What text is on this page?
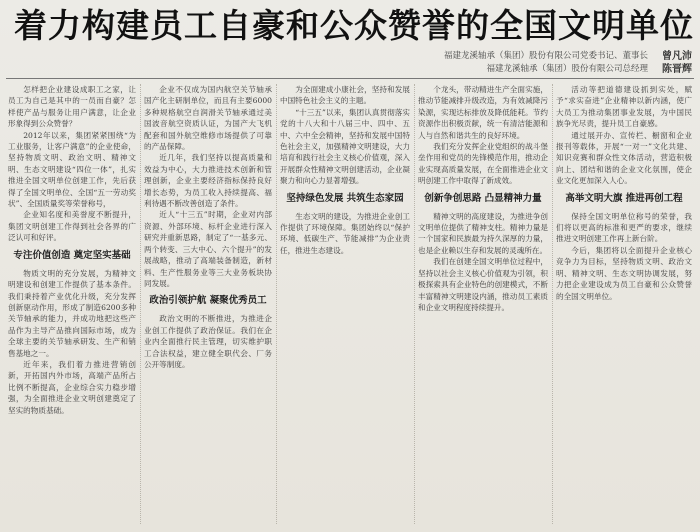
着力构建员工自豪和公众赞誉的全国文明单位
福建龙溪轴承（集团）股份有限公司党委书记、董事长 曾凡沛
福建龙溪轴承（集团）股份有限公司总经理 陈晋辉

怎样把企业建设成职工之家，让员工为自己是其中的一员而自豪？怎样使产品与服务让用户满意，让企业形象得到公众赞誉？

2012年以来，集团紧紧围绕“为工业服务，让客户满意”的企业使命，坚持物质文明、政治文明、精神文明、生态文明建设“四位一体”，扎实推进全国文明单位创建工作，先后获得了全国文明单位、全国“五一劳动奖状”、全国质量奖等荣誉称号，

企业知名度和美誉度不断提升，集团文明创建工作得到社会各界的广泛认可和好评。

专注价值创造 奠定坚实基础

物质文明的充分发展，为精神文明建设和创建工作提供了基本条件。我们秉持着产业优化升级，充分发挥创新驱动作用，形成了制造6200多种关节轴承的能力，并成功地把这些产品作为主导产品推向国际市场，成为全球主要的关节轴承研发、生产和销售基地之一。

近年来，我们着力推进营销创新，开拓国内外市场，高端产品所占比例不断提高，企业综合实力稳步增强，为全面推进企业文明创建奠定了坚实的物质基础。

企业不仅成为国内航空关节轴承国产化主研制单位，而且有主要6000多种规格航空自润滑关节轴承通过美国波音航空资质认证，为国产大飞机配套和国外航空维修市场提供了可靠的产品保障。

近几年，我们坚持以提高质量和效益为中心，大力推进技术创新和管理创新，企业主要经济指标保持良好增长态势，为员工收入持续提高、福利待遇不断改善创造了条件。

近人“十三五”时期，企业对内部资源、外部环境、标杆企业进行深入研究并重新思路，制定了“一基多元、两个转变、三大中心、六个提升”的发展战略，推动了高端装备制造，新材料、生产性服务业等三大业务板块协同发展。

政治引领护航 凝聚优秀员工

政治文明的不断推进，为推进企业创工作提供了政治保证。我们在企业内全面推行民主管理，切实维护职工合法权益，建立健全职代会、厂务公开等制度。

为全面建成小康社会，坚持和发展中国特色社会主义的主题。

“十三五”以来，集团认真贯彻落实党的十八大和十八届三中、四中、五中、六中全会精神，坚持和发展中国特色社会主义，加强精神文明建设，大力培育和践行社会主义核心价值观，深入开展群众性精神文明创建活动，企业凝聚力和向心力显著增强。

坚持绿色发展 共筑生态家园

生态文明的建设，为推进企业创工作提供了环境保障。集团始终以“保护环境、低碳生产、节能减排”为企业责任，推进生态建设。

个龙头，带动精进生产全面实施，推动节能减排升级改造，为有效减降污染源，实现达标排放及降低能耗。节约资源作出积极贡献，统一有清洁能源和人与自然和谐共生的良好环境。

我们充分发挥企业党组织的战斗堡垒作用和党员的先锋模范作用，推动企业实现高质量发展，在全面推进企业文明创建工作中取得了新成效。

创新争创思路 凸显精神力量

精神文明的高度建设，为推进争创文明单位提供了精神支柱。精神力量是一个国家和民族最为持久深厚的力量，也是企业赖以生存和发展的灵魂所在。

我们在创建全国文明单位过程中，坚持以社会主义核心价值观为引领，积极探索具有企业特色的创建模式，不断丰富精神文明建设内涵，推动员工素质和企业文明程度持续提升。

活动等把道德建设抓到实处，赋予“求实奋进”企业精神以新内涵，使广大员工为推动集团事业发展，为中国民族争光尽责，提升员工自豪感。

通过展开办、宣传栏、橱窗和企业报刊等载体，开展“一对一”文化共建、知识竞赛和群众性文体活动，营造积极向上、团结和谐的企业文化氛围，使企业文化更加深入人心。

高举文明大旗 推进再创工程

保持全国文明单位称号的荣誉，我们将以更高的标准和更严的要求，继续推进文明创建工作再上新台阶。

今后，集团将以全面提升企业核心竞争力为目标，坚持物质文明、政治文明、精神文明、生态文明协调发展，努力把企业建设成为员工自豪和公众赞誉的全国文明单位。
